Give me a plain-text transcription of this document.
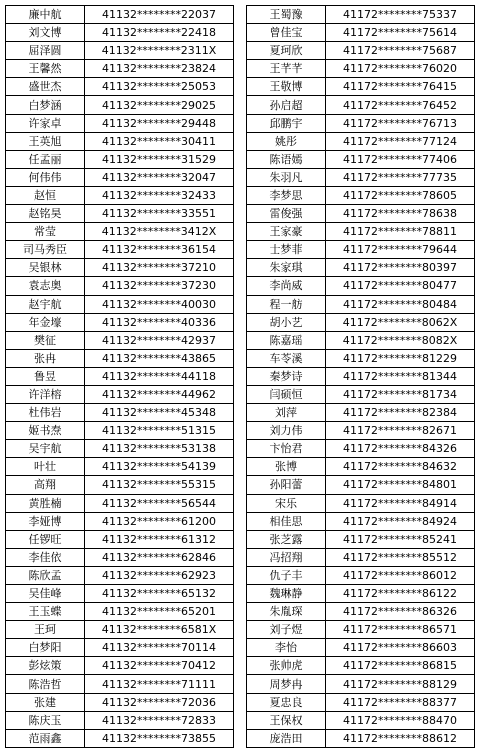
廉中航	41132********22037
刘文博	41132********22418
屈泽圆	41132********2311X
王馨然	41132********23824
盛世杰	41132********25053
白梦涵	41132********29025
许家卓	41132********29448
王英旭	41132********30411
任孟丽	41132********31529
何伟伟	41132********32047
赵恒	41132********32433
赵铭昊	41132********33551
常莹	41132********3412X
司马秀臣	41132********36154
吴银林	41132********37210
袁志奥	41132********37230
赵宇航	41132********40030
年金壕	41132********40336
樊征	41132********42937
张冉	41132********43865
鲁昱	41132********44118
许洋榕	41132********44962
杜伟岩	41132********45348
姬书焘	41132********51315
吴宇航	41132********53138
叶壮	41132********54139
高翔	41132********55315
黄胜楠	41132********56544
李娅博	41132********61200
任锣旺	41132********61312
李佳依	41132********62846
陈欣孟	41132********62923
吴佳峰	41132********65132
王玉蝶	41132********65201
王珂	41132********6581X
白梦阳	41132********70114
彭炫策	41132********70412
陈浩哲	41132********71111
张建	41132********72036
陈庆玉	41132********72833
范雨鑫	41132********73855
王蜀豫	41172********75337
曾佳宝	41172********75614
夏珂欣	41172********75687
王芊芊	41172********76020
王敬博	41172********76415
孙启超	41172********76452
邱鹏宇	41172********76713
姚彤	41172********77124
陈语嫣	41172********77406
朱羽凡	41172********77735
李梦思	41172********78605
雷俊强	41172********78638
王家豪	41172********78811
士梦菲	41172********79644
朱家琪	41172********80397
李尚威	41172********80477
程一舫	41172********80484
胡小艺	41172********8062X
陈嘉瑶	41172********8082X
车苓溪	41172********81229
秦梦诗	41172********81344
闫硕恒	41172********81734
刘萍	41172********82384
刘力伟	41172********82671
卞怡君	41172********84326
张博	41172********84632
孙阳蕾	41172********84801
宋乐	41172********84914
相佳思	41172********84924
张芝露	41172********85241
冯招翔	41172********85512
仇子丰	41172********86012
魏琳静	41172********86122
朱胤琛	41172********86326
刘子煜	41172********86571
李怡	41172********86603
张帅虎	41172********86815
周梦冉	41172********88129
夏忠良	41172********88377
王保权	41172********88470
庞浩田	41172********88612
